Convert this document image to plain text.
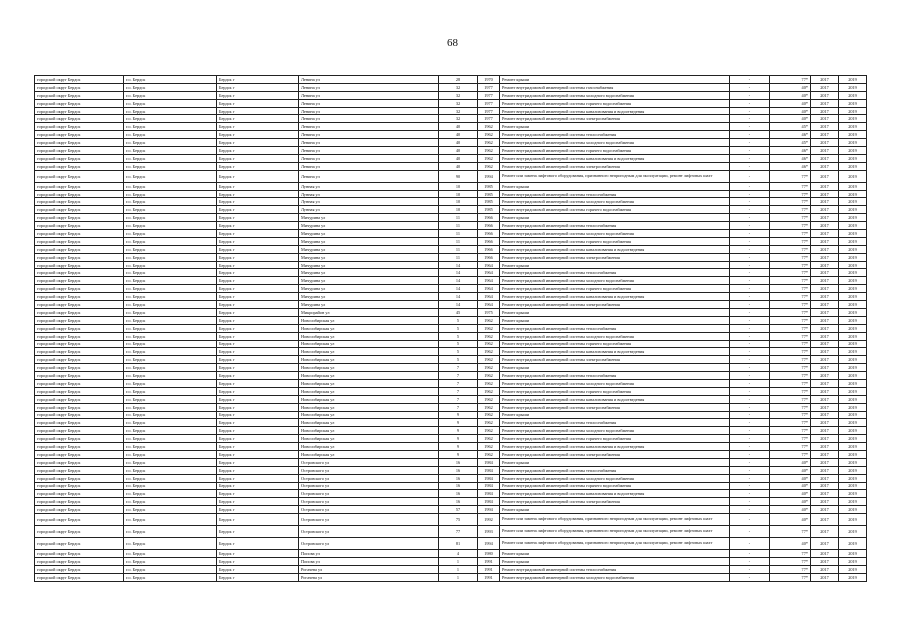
68
городской округ Бердск	г.о. Бердск	Бердск г	Ленина ул	28	1970	Ремонт крыши	-	77*	2017	2019
городской округ Бердск	г.о. Бердск	Бердск г	Ленина ул	32	1977	Ремонт внутридомовой инженерной системы газоснабжения	-	40*	2017	2019
городской округ Бердск	г.о. Бердск	Бердск г	Ленина ул	32	1977	Ремонт внутридомовой инженерной системы холодного водоснабжения	-	40*	2017	2019
городской округ Бердск	г.о. Бердск	Бердск г	Ленина ул	32	1977	Ремонт внутридомовой инженерной системы горячего водоснабжения	-	40*	2017	2019
городской округ Бердск	г.о. Бердск	Бердск г	Ленина ул	32	1977	Ремонт внутридомовой инженерной системы канализования и водоотведения	-	40*	2017	2019
городской округ Бердск	г.о. Бердск	Бердск г	Ленина ул	32	1977	Ремонт внутридомовой инженерной системы электроснабжения	-	40*	2017	2019
городской округ Бердск	г.о. Бердск	Бердск г	Ленина ул	40	1962	Ремонт крыши	-	45*	2017	2019
городской округ Бердск	г.о. Бердск	Бердск г	Ленина ул	40	1962	Ремонт внутридомовой инженерной системы теплоснабжения	-	46*	2017	2019
городской округ Бердск	г.о. Бердск	Бердск г	Ленина ул	40	1962	Ремонт внутридомовой инженерной системы холодного водоснабжения	-	45*	2017	2019
городской округ Бердск	г.о. Бердск	Бердск г	Ленина ул	40	1962	Ремонт внутридомовой инженерной системы горячего водоснабжения	-	46*	2017	2019
городской округ Бердск	г.о. Бердск	Бердск г	Ленина ул	40	1962	Ремонт внутридомовой инженерной системы канализования и водоотведения	-	46*	2017	2019
городской округ Бердск	г.о. Бердск	Бердск г	Ленина ул	40	1962	Ремонт внутридомовой инженерной системы электроснабжения	-	46*	2017	2019
городской округ Бердск	г.о. Бердск	Бердск г	Ленина ул	90	1994	Ремонт или замена лифтового оборудования, признанного непригодным для эксплуатации, ремонт лифтовых шахт	-	77*	2017	2019
городской округ Бердск	г.о. Бердск	Бердск г	Лунная ул	10	1985	Ремонт крыши	-	77*	2017	2019
городской округ Бердск	г.о. Бердск	Бердск г	Лунная ул	10	1985	Ремонт внутридомовой инженерной системы теплоснабжения	-	77*	2017	2019
городской округ Бердск	г.о. Бердск	Бердск г	Лунная ул	10	1985	Ремонт внутридомовой инженерной системы холодного водоснабжения	-	77*	2017	2019
городской округ Бердск	г.о. Бердск	Бердск г	Лунная ул	10	1985	Ремонт внутридомовой инженерной системы горячего водоснабжения	-	77*	2017	2019
городской округ Бердск	г.о. Бердск	Бердск г	Мичурина ул	11	1966	Ремонт крыши	-	77*	2017	2019
городской округ Бердск	г.о. Бердск	Бердск г	Мичурина ул	11	1966	Ремонт внутридомовой инженерной системы теплоснабжения	-	77*	2017	2019
городской округ Бердск	г.о. Бердск	Бердск г	Мичурина ул	11	1966	Ремонт внутридомовой инженерной системы холодного водоснабжения	-	77*	2017	2019
городской округ Бердск	г.о. Бердск	Бердск г	Мичурина ул	11	1966	Ремонт внутридомовой инженерной системы горячего водоснабжения	-	77*	2017	2019
городской округ Бердск	г.о. Бердск	Бердск г	Мичурина ул	11	1966	Ремонт внутридомовой инженерной системы канализования и водоотведения	-	77*	2017	2019
городской округ Бердск	г.о. Бердск	Бердск г	Мичурина ул	11	1966	Ремонт внутридомовой инженерной системы электроснабжения	-	77*	2017	2019
городской округ Бердск	г.о. Бердск	Бердск г	Мичурина ул	14	1964	Ремонт крыши	-	77*	2017	2019
городской округ Бердск	г.о. Бердск	Бердск г	Мичурина ул	14	1964	Ремонт внутридомовой инженерной системы теплоснабжения	-	77*	2017	2019
городской округ Бердск	г.о. Бердск	Бердск г	Мичурина ул	14	1964	Ремонт внутридомовой инженерной системы холодного водоснабжения	-	77*	2017	2019
городской округ Бердск	г.о. Бердск	Бердск г	Мичурина ул	14	1964	Ремонт внутридомовой инженерной системы горячего водоснабжения	-	77*	2017	2019
городской округ Бердск	г.о. Бердск	Бердск г	Мичурина ул	14	1964	Ремонт внутридомовой инженерной системы канализования и водоотведения	-	77*	2017	2019
городской округ Бердск	г.о. Бердск	Бердск г	Мичурина ул	14	1964	Ремонт внутридомовой инженерной системы электроснабжения	-	77*	2017	2019
городской округ Бердск	г.о. Бердск	Бердск г	Микрорайон ул	45	1975	Ремонт крыши	-	77*	2017	2019
городской округ Бердск	г.о. Бердск	Бердск г	Новосибирская ул	5	1962	Ремонт крыши	-	77*	2017	2019
городской округ Бердск	г.о. Бердск	Бердск г	Новосибирская ул	5	1962	Ремонт внутридомовой инженерной системы теплоснабжения	-	77*	2017	2019
городской округ Бердск	г.о. Бердск	Бердск г	Новосибирская ул	5	1962	Ремонт внутридомовой инженерной системы холодного водоснабжения	-	77*	2017	2019
городской округ Бердск	г.о. Бердск	Бердск г	Новосибирская ул	5	1962	Ремонт внутридомовой инженерной системы горячего водоснабжения	-	77*	2017	2019
городской округ Бердск	г.о. Бердск	Бердск г	Новосибирская ул	5	1962	Ремонт внутридомовой инженерной системы канализования и водоотведения	-	77*	2017	2019
городской округ Бердск	г.о. Бердск	Бердск г	Новосибирская ул	5	1962	Ремонт внутридомовой инженерной системы электроснабжения	-	77*	2017	2019
городской округ Бердск	г.о. Бердск	Бердск г	Новосибирская ул	7	1962	Ремонт крыши	-	77*	2017	2019
городской округ Бердск	г.о. Бердск	Бердск г	Новосибирская ул	7	1962	Ремонт внутридомовой инженерной системы теплоснабжения	-	77*	2017	2019
городской округ Бердск	г.о. Бердск	Бердск г	Новосибирская ул	7	1962	Ремонт внутридомовой инженерной системы холодного водоснабжения	-	77*	2017	2019
городской округ Бердск	г.о. Бердск	Бердск г	Новосибирская ул	7	1962	Ремонт внутридомовой инженерной системы горячего водоснабжения	-	77*	2017	2019
городской округ Бердск	г.о. Бердск	Бердск г	Новосибирская ул	7	1962	Ремонт внутридомовой инженерной системы канализования и водоотведения	-	77*	2017	2019
городской округ Бердск	г.о. Бердск	Бердск г	Новосибирская ул	7	1962	Ремонт внутридомовой инженерной системы электроснабжения	-	77*	2017	2019
городской округ Бердск	г.о. Бердск	Бердск г	Новосибирская ул	9	1962	Ремонт крыши	-	77*	2017	2019
городской округ Бердск	г.о. Бердск	Бердск г	Новосибирская ул	9	1962	Ремонт внутридомовой инженерной системы теплоснабжения	-	77*	2017	2019
городской округ Бердск	г.о. Бердск	Бердск г	Новосибирская ул	9	1962	Ремонт внутридомовой инженерной системы холодного водоснабжения	-	77*	2017	2019
городской округ Бердск	г.о. Бердск	Бердск г	Новосибирская ул	9	1962	Ремонт внутридомовой инженерной системы горячего водоснабжения	-	77*	2017	2019
городской округ Бердск	г.о. Бердск	Бердск г	Новосибирская ул	9	1962	Ремонт внутридомовой инженерной системы канализования и водоотведения	-	77*	2017	2019
городской округ Бердск	г.о. Бердск	Бердск г	Новосибирская ул	9	1962	Ремонт внутридомовой инженерной системы электроснабжения	-	77*	2017	2019
городской округ Бердск	г.о. Бердск	Бердск г	Островского ул	16	1984	Ремонт крыши	-	40*	2017	2019
городской округ Бердск	г.о. Бердск	Бердск г	Островского ул	16	1984	Ремонт внутридомовой инженерной системы теплоснабжения	-	40*	2017	2019
городской округ Бердск	г.о. Бердск	Бердск г	Островского ул	16	1984	Ремонт внутридомовой инженерной системы холодного водоснабжения	-	40*	2017	2019
городской округ Бердск	г.о. Бердск	Бердск г	Островского ул	16	1984	Ремонт внутридомовой инженерной системы горячего водоснабжения	-	40*	2017	2019
городской округ Бердск	г.о. Бердск	Бердск г	Островского ул	16	1984	Ремонт внутридомовой инженерной системы канализования и водоотведения	-	40*	2017	2019
городской округ Бердск	г.о. Бердск	Бердск г	Островского ул	16	1984	Ремонт внутридомовой инженерной системы электроснабжения	-	40*	2017	2019
городской округ Бердск	г.о. Бердск	Бердск г	Островского ул	57	1994	Ремонт крыши	-	40*	2017	2019
городской округ Бердск	г.о. Бердск	Бердск г	Островского ул	75	1992	Ремонт или замена лифтового оборудования, признанного непригодным для эксплуатации, ремонт лифтовых шахт	-	40*	2017	2019
городской округ Бердск	г.о. Бердск	Бердск г	Островского ул	77	1993	Ремонт или замена лифтового оборудования, признанного непригодным для эксплуатации, ремонт лифтовых шахт	-	77*	2017	2019
городской округ Бердск	г.о. Бердск	Бердск г	Островского ул	81	1994	Ремонт или замена лифтового оборудования, признанного непригодным для эксплуатации, ремонт лифтовых шахт	-	40*	2017	2019
городской округ Бердск	г.о. Бердск	Бердск г	Попова ул	4	1980	Ремонт крыши	-	77*	2017	2019
городской округ Бердск	г.о. Бердск	Бердск г	Попова ул	1	1991	Ремонт крыши	-	77*	2017	2019
городской округ Бердск	г.о. Бердск	Бердск г	Рогачева ул	1	1991	Ремонт внутридомовой инженерной системы теплоснабжения	-	77*	2017	2019
городской округ Бердск	г.о. Бердск	Бердск г	Рогачева ул	1	1991	Ремонт внутридомовой инженерной системы холодного водоснабжения	-	77*	2017	2019
